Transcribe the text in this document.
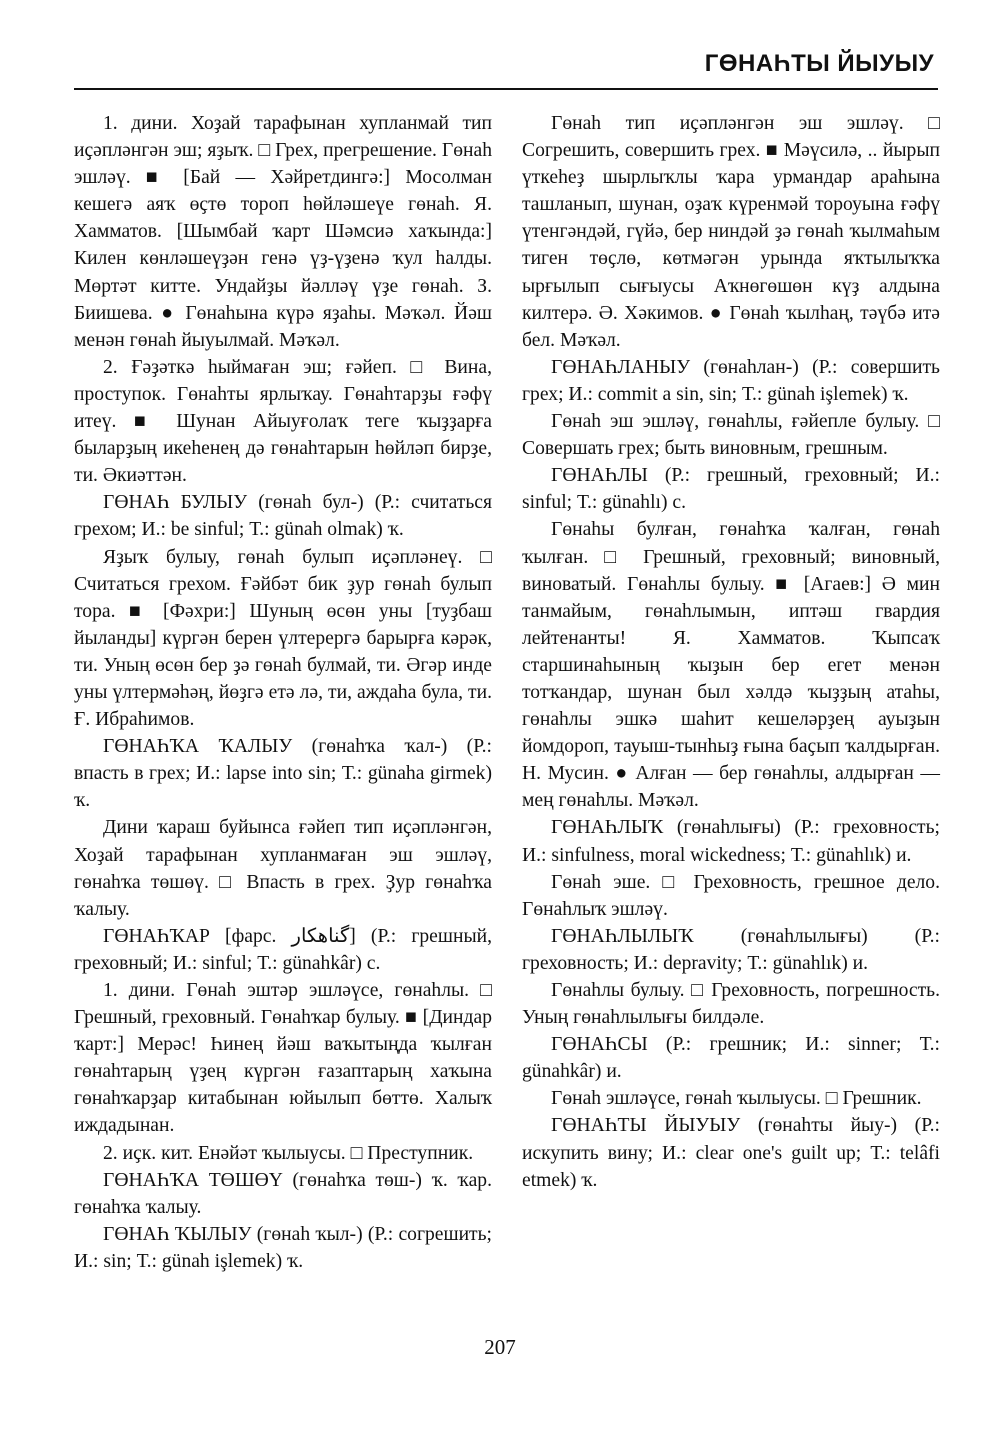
ГӨНАҺТЫ ЙЫУЫУ

1. дини. Хоҙай тарафынан хупланмай тип иҫәпләнгән эш; яҙыҡ. □ Грех, прегрешение. Гөнаһ эшләү. ■ [Бай — Хәйретдингә:] Мосолман кешегә аяҡ өҫтө тороп һөйләшеүе гөнаһ. Я. Хамматов. [Шымбай ҡарт Шәмсиә хаҡында:] Килен көнләшеүҙән генә үҙ-үҙенә ҡул һалды. Мөртәт китте. Ундайҙы йәлләү үҙе гөнаһ. З. Биишева. ● Гөнаһына күрә яҙаһы. Мәҡәл. Йәш менән гөнаһ йыуылмай. Мәҡәл.

2. Ғәҙәткә һыймаған эш; ғәйеп. □ Вина, проступок. Гөнаһты ярлыҡау. Гөнаһтарҙы ғәфү итеү. ■ Шунан Айыуғолаҡ теге ҡыҙҙарға быларҙың икеһенең дә гөнаһтарын һөйләп бирҙе, ти. Әкиәттән.

ГӨНАҺ БУЛЫУ (гөнаһ бул-) (Р.: считаться грехом; И.: be sinful; Т.: günah olmak) ҡ.

Яҙыҡ булыу, гөнаһ булып иҫәпләнеү. □ Считаться грехом. Ғәйбәт бик ҙур гөнаһ булып тора. ■ [Фәхри:] Шуның өсөн уны [туҙбаш йыланды] күргән берен үлтерергә барырға кәрәк, ти. Уның өсөн бер ҙә гөнаһ булмай, ти. Әгәр инде уны үлтермәһәң, йөҙгә етә лә, ти, аждаһа була, ти. Ғ. Ибраһимов.

ГӨНАҺҠА ҠАЛЫУ (гөнаһҡа ҡал-) (Р.: впасть в грех; И.: lapse into sin; Т.: günaha girmek) ҡ.

Дини ҡараш буйынса ғәйеп тип иҫәпләнгән, Хоҙай тарафынан хупланмаған эш эшләү, гөнаһҡа төшөү. □ Впасть в грех. Ҙур гөнаһҡа ҡалыу.

ГӨНАҺҠАР [фарс. گناهکار] (Р.: грешный, греховный; И.: sinful; Т.: günahkâr) с.

1. дини. Гөнаһ эштәр эшләүсе, гөнаһлы. □ Грешный, греховный. Гөнаһҡар булыу. ■ [Диндар ҡарт:] Мерәс! Һинең йәш ваҡытыңда ҡылған гөнаһтарың үҙең күргән ғазаптарың хаҡына гөнаһҡарҙар китабынан юйылып бөттө. Халыҡ иждадынан.

2. иҫк. кит. Енәйәт ҡылыусы. □ Преступник.

ГӨНАҺҠА ТӨШӨҮ (гөнаһҡа төш-) ҡ. ҡар. гөнаһҡа ҡалыу.

ГӨНАҺ ҠЫЛЫУ (гөнаһ ҡыл-) (Р.: согрешить; И.: sin; Т.: günah işlemek) ҡ.

Гөнаһ тип иҫәпләнгән эш эшләү. □ Согрешить, совершить грех. ■ Мәүсилә, .. йырып үткеһеҙ шырлыҡлы ҡара урмандар араһына ташланып, шунан, оҙаҡ күренмәй тороуына ғәфү үтенгәндәй, гүйә, бер ниндәй ҙә гөнаһ ҡылмаһым тиген төҫлө, көтмәгән урында яҡтылыҡҡа ырғылып сығыусы Аҡнөгөшөн күҙ алдына килтерә. Ә. Хәкимов. ● Гөнаһ ҡылһаң, тәүбә итә бел. Мәҡәл.

ГӨНАҺЛАНЫУ (гөнаһлан-) (Р.: совершить грех; И.: commit a sin, sin; Т.: günah işlemek) ҡ.

Гөнаһ эш эшләү, гөнаһлы, ғәйепле булыу. □ Совершать грех; быть виновным, грешным.

ГӨНАҺЛЫ (Р.: грешный, греховный; И.: sinful; Т.: günahlı) с.

Гөнаһы булған, гөнаһҡа ҡалған, гөнаһ ҡылған. □ Грешный, греховный; виновный, виноватый. Гөнаһлы булыу. ■ [Агаев:] Ә мин танмайым, гөнаһлымын, иптәш гвардия лейтенанты! Я. Хамматов. Ҡыпсаҡ старшинаһының ҡыҙын бер егет менән тотҡандар, шунан был хәлдә ҡыҙҙың атаһы, гөнаһлы эшкә шаһит кешеләрҙең ауыҙын йомдороп, тауыш-тынһыҙ ғына баҫып ҡалдырған. Н. Мусин. ● Алған — бер гөнаһлы, алдырған — мең гөнаһлы. Мәҡәл.

ГӨНАҺЛЫҠ (гөнаһлығы) (Р.: греховность; И.: sinfulness, moral wickedness; Т.: günahlık) и.

Гөнаһ эше. □ Греховность, грешное дело. Гөнаһлыҡ эшләү.

ГӨНАҺЛЫЛЫҠ (гөнаһлылығы) (Р.: греховность; И.: depravity; Т.: günahlık) и.

Гөнаһлы булыу. □ Греховность, погрешность. Уның гөнаһлылығы билдәле.

ГӨНАҺСЫ (Р.: грешник; И.: sinner; Т.: günahkâr) и.

Гөнаһ эшләүсе, гөнаһ ҡылыусы. □ Грешник.

ГӨНАҺТЫ ЙЫУЫУ (гөнаһты йыу-) (Р.: искупить вину; И.: clear one's guilt up; Т.: telâfi etmek) ҡ.

207
